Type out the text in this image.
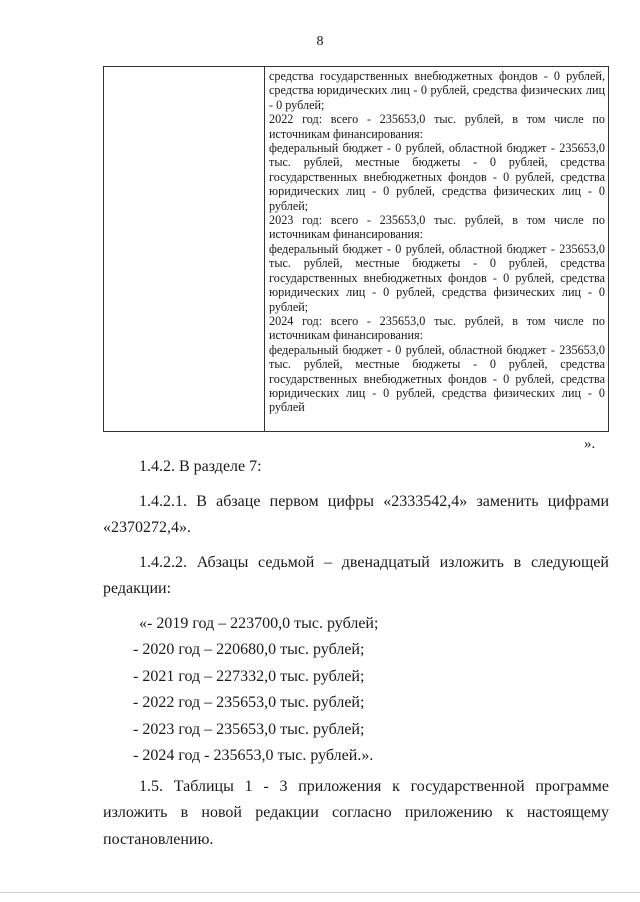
8

средства государственных внебюджетных фондов - 0 рублей, средства юридических лиц - 0 рублей, средства физических лиц - 0 рублей;

2022 год: всего - 235653,0 тыс. рублей, в том числе по источникам финансирования:

федеральный бюджет - 0 рублей, областной бюджет - 235653,0 тыс. рублей, местные бюджеты - 0 рублей, средства государственных внебюджетных фондов - 0 рублей, средства юридических лиц - 0 рублей, средства физических лиц - 0 рублей;

2023 год: всего - 235653,0 тыс. рублей, в том числе по источникам финансирования:

федеральный бюджет - 0 рублей, областной бюджет - 235653,0 тыс. рублей, местные бюджеты - 0 рублей, средства государственных внебюджетных фондов - 0 рублей, средства юридических лиц - 0 рублей, средства физических лиц - 0 рублей;

2024 год: всего - 235653,0 тыс. рублей, в том числе по источникам финансирования:

федеральный бюджет - 0 рублей, областной бюджет - 235653,0 тыс. рублей, местные бюджеты - 0 рублей, средства государственных внебюджетных фондов - 0 рублей, средства юридических лиц - 0 рублей, средства физических лиц - 0 рублей

».

1.4.2. В разделе 7:

1.4.2.1. В абзаце первом цифры «2333542,4» заменить цифрами «2370272,4».

1.4.2.2. Абзацы седьмой – двенадцатый изложить в следующей редакции:

«- 2019 год – 223700,0 тыс. рублей;

- 2020 год – 220680,0 тыс. рублей;

- 2021 год – 227332,0 тыс. рублей;

- 2022 год – 235653,0 тыс. рублей;

- 2023 год – 235653,0 тыс. рублей;

- 2024 год - 235653,0 тыс. рублей.».

1.5. Таблицы 1 - 3 приложения к государственной программе изложить в новой редакции согласно приложению к настоящему постановлению.
